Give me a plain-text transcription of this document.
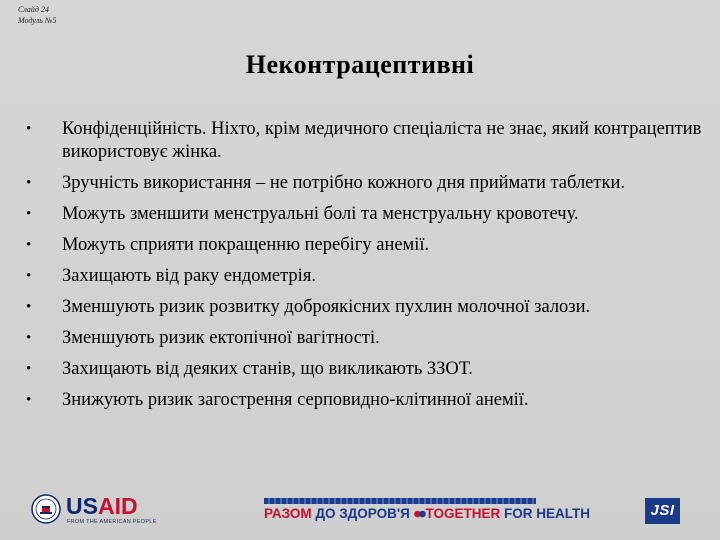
Слайд 24
Модуль №5
Неконтрацептивні
• Конфіденційність. Ніхто, крім медичного спеціаліста не знає, який контрацептив використовує жінка.
• Зручність використання – не потрібно кожного дня приймати таблетки.
• Можуть зменшити менструальні болі та менструальну кровотечу.
• Можуть сприяти покращенню перебігу анемії.
• Захищають від раку ендометрія.
• Зменшують ризик розвитку доброякісних пухлин молочної залози.
• Зменшують ризик ектопічної вагітності.
• Захищають від деяких станів, що викликають ЗЗОТ.
• Знижують ризик загострення серповидно-клітинної анемії.
USAID
FROM THE AMERICAN PEOPLE
РАЗОМ ДО ЗДОРОВ'Я TOGETHER FOR HEALTH	JSI
